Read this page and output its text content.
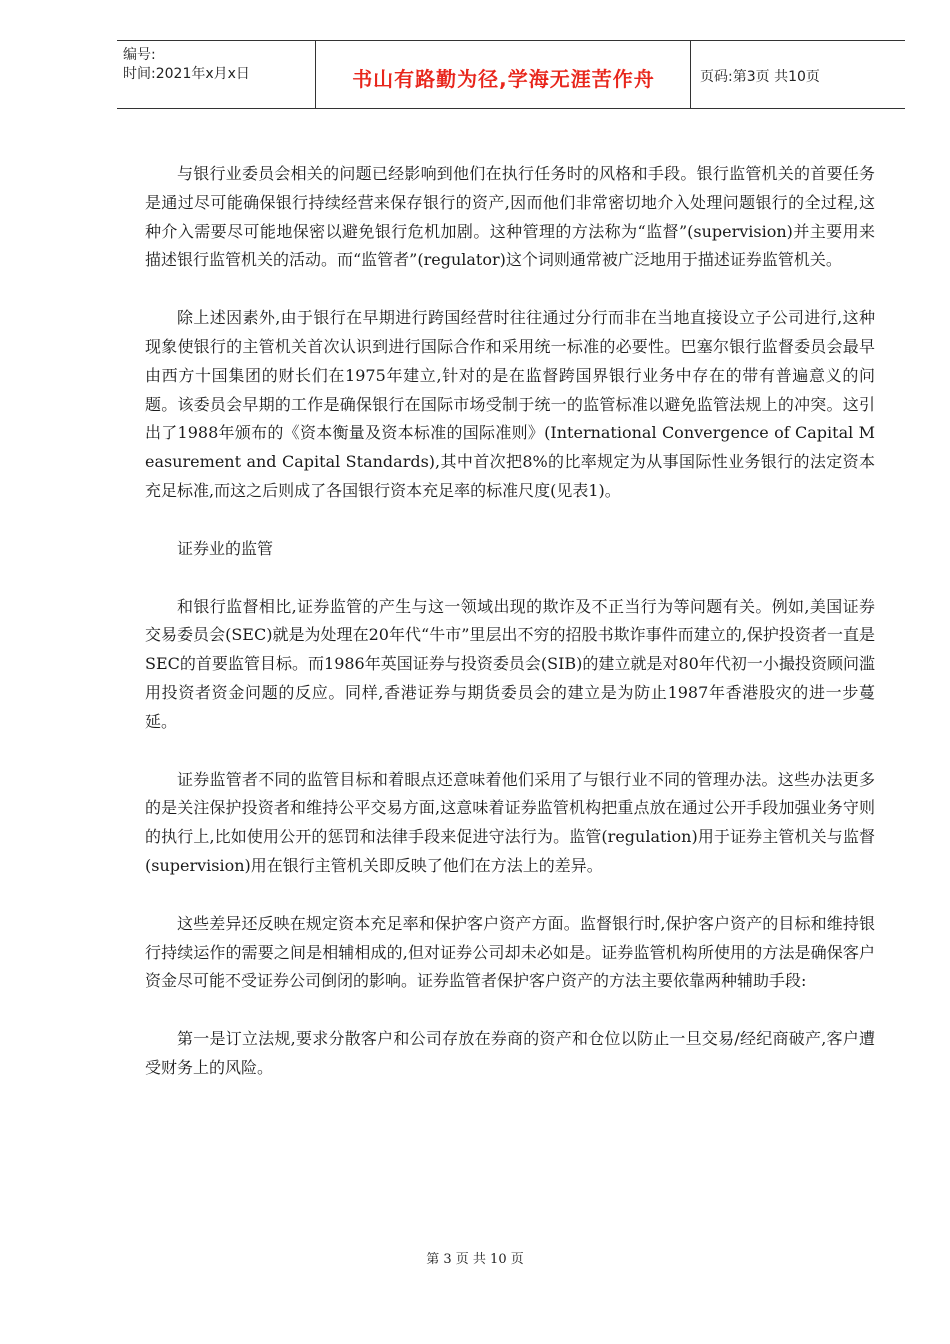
编号:
时间:2021年x月x日	书山有路勤为径,学海无涯苦作舟	页码:第3页 共10页

与银行业委员会相关的问题已经影响到他们在执行任务时的风格和手段。银行监管机关的首要任务是通过尽可能确保银行持续经营来保存银行的资产,因而他们非常密切地介入处理问题银行的全过程,这种介入需要尽可能地保密以避免银行危机加剧。这种管理的方法称为“监督”(supervision)并主要用来描述银行监管机关的活动。而“监管者”(regulator)这个词则通常被广泛地用于描述证券监管机关。

除上述因素外,由于银行在早期进行跨国经营时往往通过分行而非在当地直接设立子公司进行,这种现象使银行的主管机关首次认识到进行国际合作和采用统一标准的必要性。巴塞尔银行监督委员会最早由西方十国集团的财长们在1975年建立,针对的是在监督跨国界银行业务中存在的带有普遍意义的问题。该委员会早期的工作是确保银行在国际市场受制于统一的监管标准以避免监管法规上的冲突。这引出了1988年颁布的《资本衡量及资本标准的国际准则》(International Convergence of Capital Measurement and Capital Standards),其中首次把8%的比率规定为从事国际性业务银行的法定资本充足标准,而这之后则成了各国银行资本充足率的标准尺度(见表1)。

证券业的监管

和银行监督相比,证券监管的产生与这一领域出现的欺诈及不正当行为等问题有关。例如,美国证券交易委员会(SEC)就是为处理在20年代“牛市”里层出不穷的招股书欺诈事件而建立的,保护投资者一直是SEC的首要监管目标。而1986年英国证券与投资委员会(SIB)的建立就是对80年代初一小撮投资顾问滥用投资者资金问题的反应。同样,香港证券与期货委员会的建立是为防止1987年香港股灾的进一步蔓延。

证券监管者不同的监管目标和着眼点还意味着他们采用了与银行业不同的管理办法。这些办法更多的是关注保护投资者和维持公平交易方面,这意味着证券监管机构把重点放在通过公开手段加强业务守则的执行上,比如使用公开的惩罚和法律手段来促进守法行为。监管(regulation)用于证券主管机关与监督(supervision)用在银行主管机关即反映了他们在方法上的差异。

这些差异还反映在规定资本充足率和保护客户资产方面。监督银行时,保护客户资产的目标和维持银行持续运作的需要之间是相辅相成的,但对证券公司却未必如是。证券监管机构所使用的方法是确保客户资金尽可能不受证券公司倒闭的影响。证券监管者保护客户资产的方法主要依靠两种辅助手段:

第一是订立法规,要求分散客户和公司存放在券商的资产和仓位以防止一旦交易/经纪商破产,客户遭受财务上的风险。

第 3 页 共 10 页
